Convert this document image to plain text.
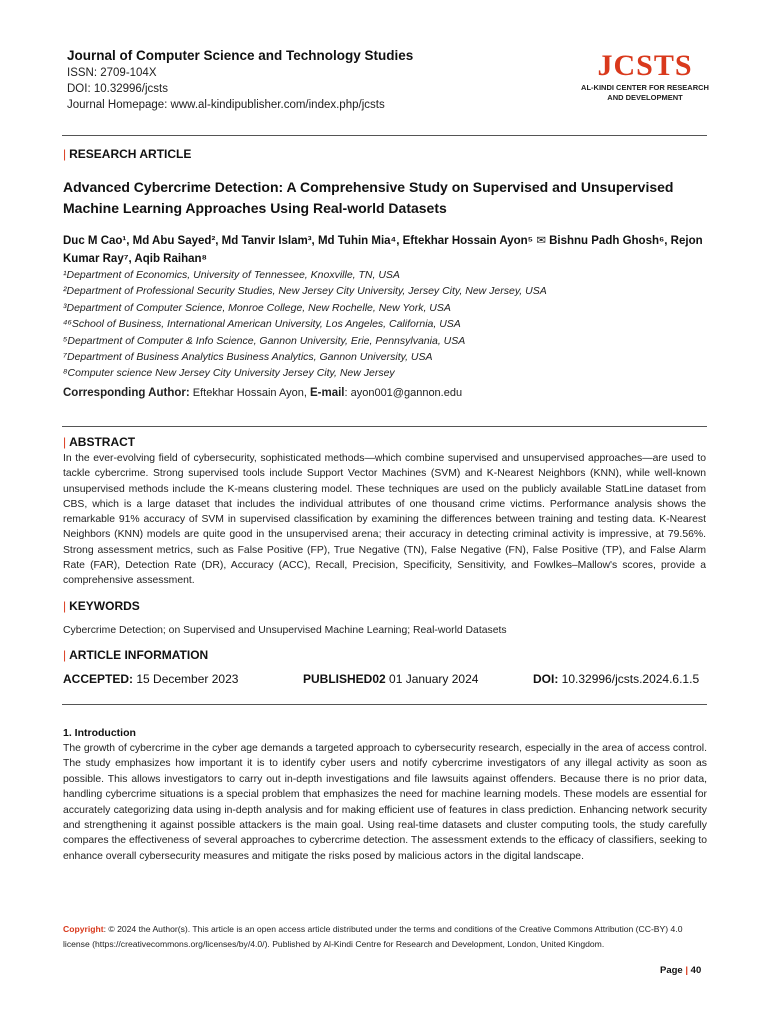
Journal of Computer Science and Technology Studies
ISSN: 2709-104X
DOI: 10.32996/jcsts
Journal Homepage: www.al-kindipublisher.com/index.php/jcsts
JCSTS
AL-KINDI CENTER FOR RESEARCH
AND DEVELOPMENT
| RESEARCH ARTICLE
Advanced Cybercrime Detection: A Comprehensive Study on Supervised and Unsupervised Machine Learning Approaches Using Real-world Datasets
Duc M Cao¹, Md Abu Sayed², Md Tanvir Islam³, Md Tuhin Mia⁴, Eftekhar Hossain Ayon⁵ ✉ Bishnu Padh Ghosh⁶, Rejon Kumar Ray⁷, Aqib Raihan⁸
¹Department of Economics, University of Tennessee, Knoxville, TN, USA
²Department of Professional Security Studies, New Jersey City University, Jersey City, New Jersey, USA
³Department of Computer Science, Monroe College, New Rochelle, New York, USA
⁴⁶School of Business, International American University, Los Angeles, California, USA
⁵Department of Computer & Info Science, Gannon University, Erie, Pennsylvania, USA
⁷Department of Business Analytics Business Analytics, Gannon University, USA
⁸Computer science New Jersey City University Jersey City, New Jersey
Corresponding Author: Eftekhar Hossain Ayon, E-mail: ayon001@gannon.edu
| ABSTRACT
In the ever-evolving field of cybersecurity, sophisticated methods—which combine supervised and unsupervised approaches—are used to tackle cybercrime. Strong supervised tools include Support Vector Machines (SVM) and K-Nearest Neighbors (KNN), while well-known unsupervised methods include the K-means clustering model. These techniques are used on the publicly available StatLine dataset from CBS, which is a large dataset that includes the individual attributes of one thousand crime victims. Performance analysis shows the remarkable 91% accuracy of SVM in supervised classification by examining the differences between training and testing data. K-Nearest Neighbors (KNN) models are quite good in the unsupervised arena; their accuracy in detecting criminal activity is impressive, at 79.56%. Strong assessment metrics, such as False Positive (FP), True Negative (TN), False Negative (FN), False Positive (TP), and False Alarm Rate (FAR), Detection Rate (DR), Accuracy (ACC), Recall, Precision, Specificity, Sensitivity, and Fowlkes–Mallow's scores, provide a comprehensive assessment.
| KEYWORDS
Cybercrime Detection; on Supervised and Unsupervised Machine Learning; Real-world Datasets
| ARTICLE INFORMATION
ACCEPTED: 15 December 2023	PUBLISHED02 01 January 2024	DOI: 10.32996/jcsts.2024.6.1.5
1. Introduction
The growth of cybercrime in the cyber age demands a targeted approach to cybersecurity research, especially in the area of access control. The study emphasizes how important it is to identify cyber users and notify cybercrime investigators of any illegal activity as soon as possible. This allows investigators to carry out in-depth investigations and file lawsuits against offenders. Because there is no prior data, handling cybercrime situations is a special problem that emphasizes the need for machine learning models. These models are essential for accurately categorizing data using in-depth analysis and for making efficient use of features in class prediction. Enhancing network security and strengthening it against possible attackers is the main goal. Using real-time datasets and cluster computing tools, the study carefully compares the effectiveness of several approaches to cybercrime detection. The assessment extends to the efficacy of classifiers, seeking to enhance overall cybersecurity measures and mitigate the risks posed by malicious actors in the digital landscape.
Copyright: © 2024 the Author(s). This article is an open access article distributed under the terms and conditions of the Creative Commons Attribution (CC-BY) 4.0 license (https://creativecommons.org/licenses/by/4.0/). Published by Al-Kindi Centre for Research and Development, London, United Kingdom.
Page | 40
